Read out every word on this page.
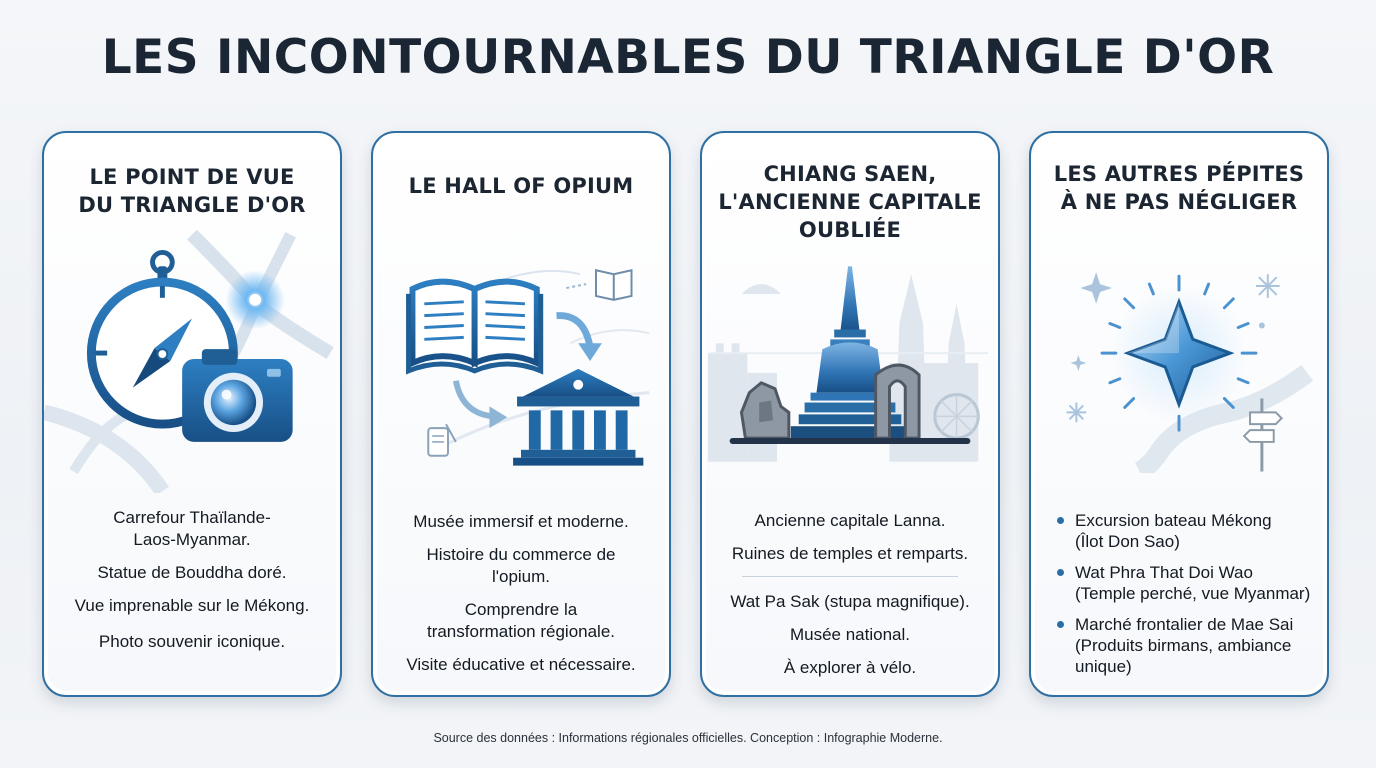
LES INCONTOURNABLES DU TRIANGLE D'OR
LE POINT DE VUE
DU TRIANGLE D'OR
Carrefour Thaïlande-

Laos-Myanmar.

Statue de Bouddha doré.

Vue imprenable sur le Mékong.

Photo souvenir iconique.

LE HALL OF OPIUM

Musée immersif et moderne.

Histoire du commerce de

l'opium.

Comprendre la

transformation régionale.

Visite éducative et nécessaire.

CHIANG SAEN,
L'ANCIENNE CAPITALE
OUBLIÉE

Ancienne capitale Lanna.

Ruines de temples et remparts.

Wat Pa Sak (stupa magnifique).

Musée national.

À explorer à vélo.

LES AUTRES PÉPITES
À NE PAS NÉGLIGER
Excursion bateau Mékong
(Îlot Don Sao)
Wat Phra That Doi Wao
(Temple perché, vue Myanmar)
Marché frontalier de Mae Sai
(Produits birmans, ambiance
unique)
Source des données : Informations régionales officielles. Conception : Infographie Moderne.
